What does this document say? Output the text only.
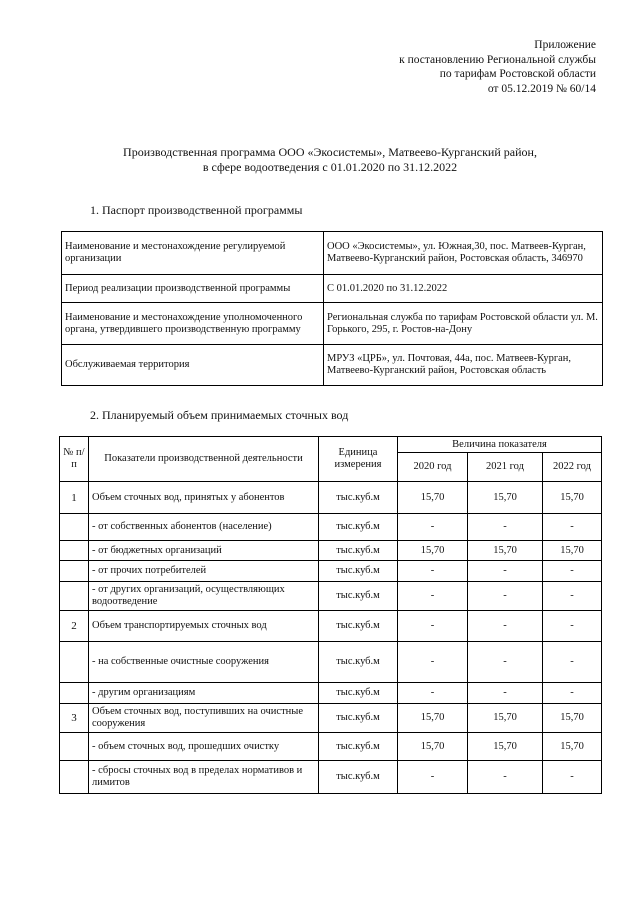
Приложение
к постановлению Региональной службы
по тарифам Ростовской области
от 05.12.2019 № 60/14
Производственная программа ООО «Экосистемы», Матвеево-Курганский район,
в сфере водоотведения с 01.01.2020 по 31.12.2022
1. Паспорт производственной программы
Наименование и местонахождение регулируемой организации	ООО «Экосистемы», ул. Южная,30, пос. Матвеев-Курган, Матвеево-Курганский район, Ростовская область, 346970
Период реализации производственной программы	С 01.01.2020 по 31.12.2022
Наименование и местонахождение уполномоченного органа, утвердившего производственную программу	Региональная служба по тарифам Ростовской области ул. М. Горького, 295, г. Ростов-на-Дону
Обслуживаемая территория	МРУЗ «ЦРБ», ул. Почтовая, 44а, пос. Матвеев-Курган, Матвеево-Курганский район, Ростовская область
2. Планируемый объем принимаемых сточных вод
№ п/п	Показатели производственной деятельности	Единица измерения	Величина показателя		
			2020 год	2021 год	2022 год
1	Объем сточных вод, принятых у абонентов	тыс.куб.м	15,70	15,70	15,70
	- от собственных абонентов (население)	тыс.куб.м	-	-	-
	- от бюджетных организаций	тыс.куб.м	15,70	15,70	15,70
	- от прочих потребителей	тыс.куб.м	-	-	-
	- от других организаций, осуществляющих водоотведение	тыс.куб.м	-	-	-
2	Объем транспортируемых сточных вод	тыс.куб.м	-	-	-
	- на собственные очистные сооружения	тыс.куб.м	-	-	-
	- другим организациям	тыс.куб.м	-	-	-
3	Объем сточных вод, поступивших на очистные сооружения	тыс.куб.м	15,70	15,70	15,70
	- объем сточных вод, прошедших очистку	тыс.куб.м	15,70	15,70	15,70
	- сбросы сточных вод в пределах нормативов и лимитов	тыс.куб.м	-	-	-
